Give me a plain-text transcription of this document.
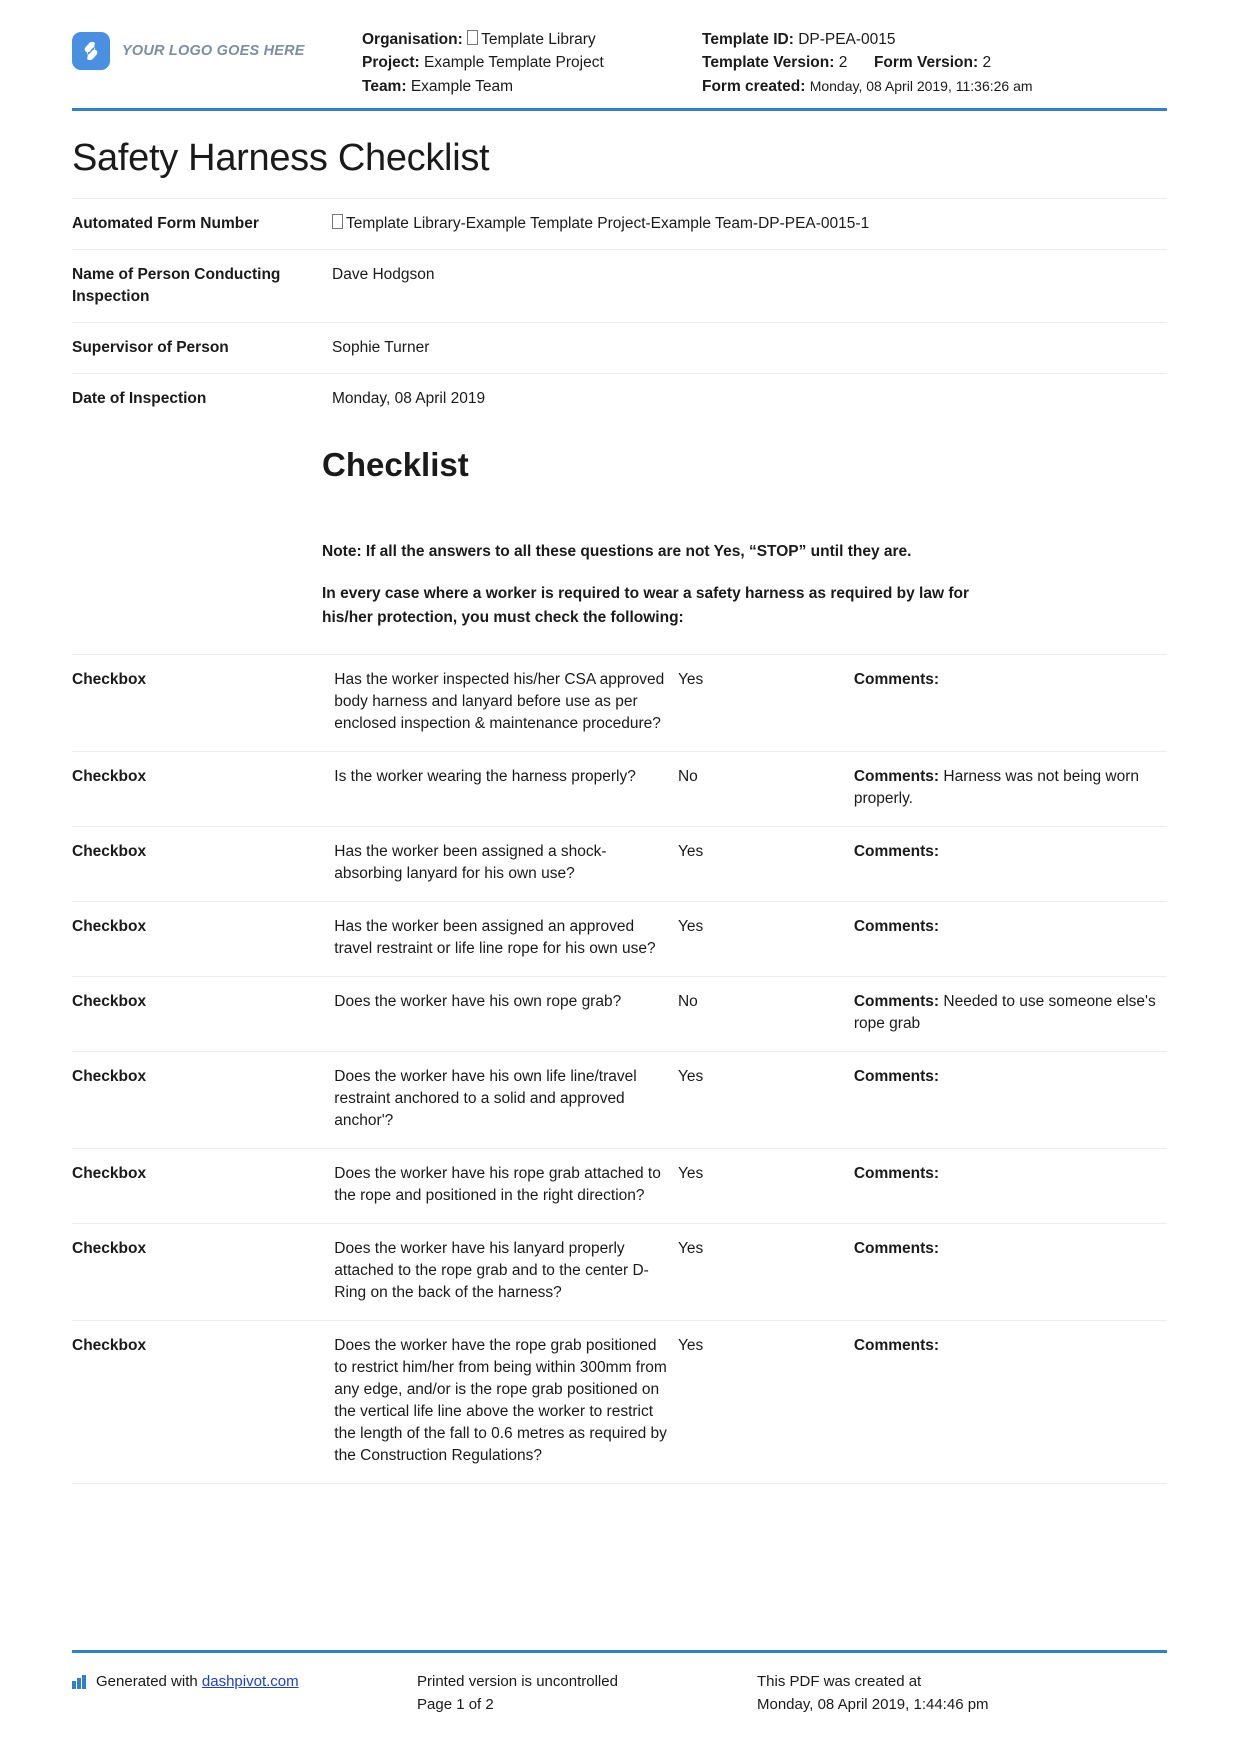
YOUR LOGO GOES HERE
Organisation: Template Library
Project: Example Template Project
Team: Example Team
Template ID: DP-PEA-0015
Template Version: 2 Form Version: 2
Form created: Monday, 08 April 2019, 11:36:26 am
Safety Harness Checklist
Automated Form Number	Template Library-Example Template Project-Example Team-DP-PEA-0015-1
Name of Person Conducting Inspection	Dave Hodgson
Supervisor of Person	Sophie Turner
Date of Inspection	Monday, 08 April 2019
Checklist

Note: If all the answers to all these questions are not Yes, “STOP” until they are.

In every case where a worker is required to wear a safety harness as required by law for his/her protection, you must check the following:

Checkbox	Has the worker inspected his/her CSA approved body harness and lanyard before use as per enclosed inspection & maintenance procedure?	Yes	Comments:
Checkbox	Is the worker wearing the harness properly?	No	Comments: Harness was not being worn properly.
Checkbox	Has the worker been assigned a shock-absorbing lanyard for his own use?	Yes	Comments:
Checkbox	Has the worker been assigned an approved travel restraint or life line rope for his own use?	Yes	Comments:
Checkbox	Does the worker have his own rope grab?	No	Comments: Needed to use someone else's rope grab
Checkbox	Does the worker have his own life line/travel restraint anchored to a solid and approved anchor'?	Yes	Comments:
Checkbox	Does the worker have his rope grab attached to the rope and positioned in the right direction?	Yes	Comments:
Checkbox	Does the worker have his lanyard properly attached to the rope grab and to the center D-Ring on the back of the harness?	Yes	Comments:
Checkbox	Does the worker have the rope grab positioned to restrict him/her from being within 300mm from any edge, and/or is the rope grab positioned on the vertical life line above the worker to restrict the length of the fall to 0.6 metres as required by the Construction Regulations?	Yes	Comments:
Generated with dashpivot.com	Printed version is uncontrolled
Page 1 of 2
This PDF was created at
Monday, 08 April 2019, 1:44:46 pm
